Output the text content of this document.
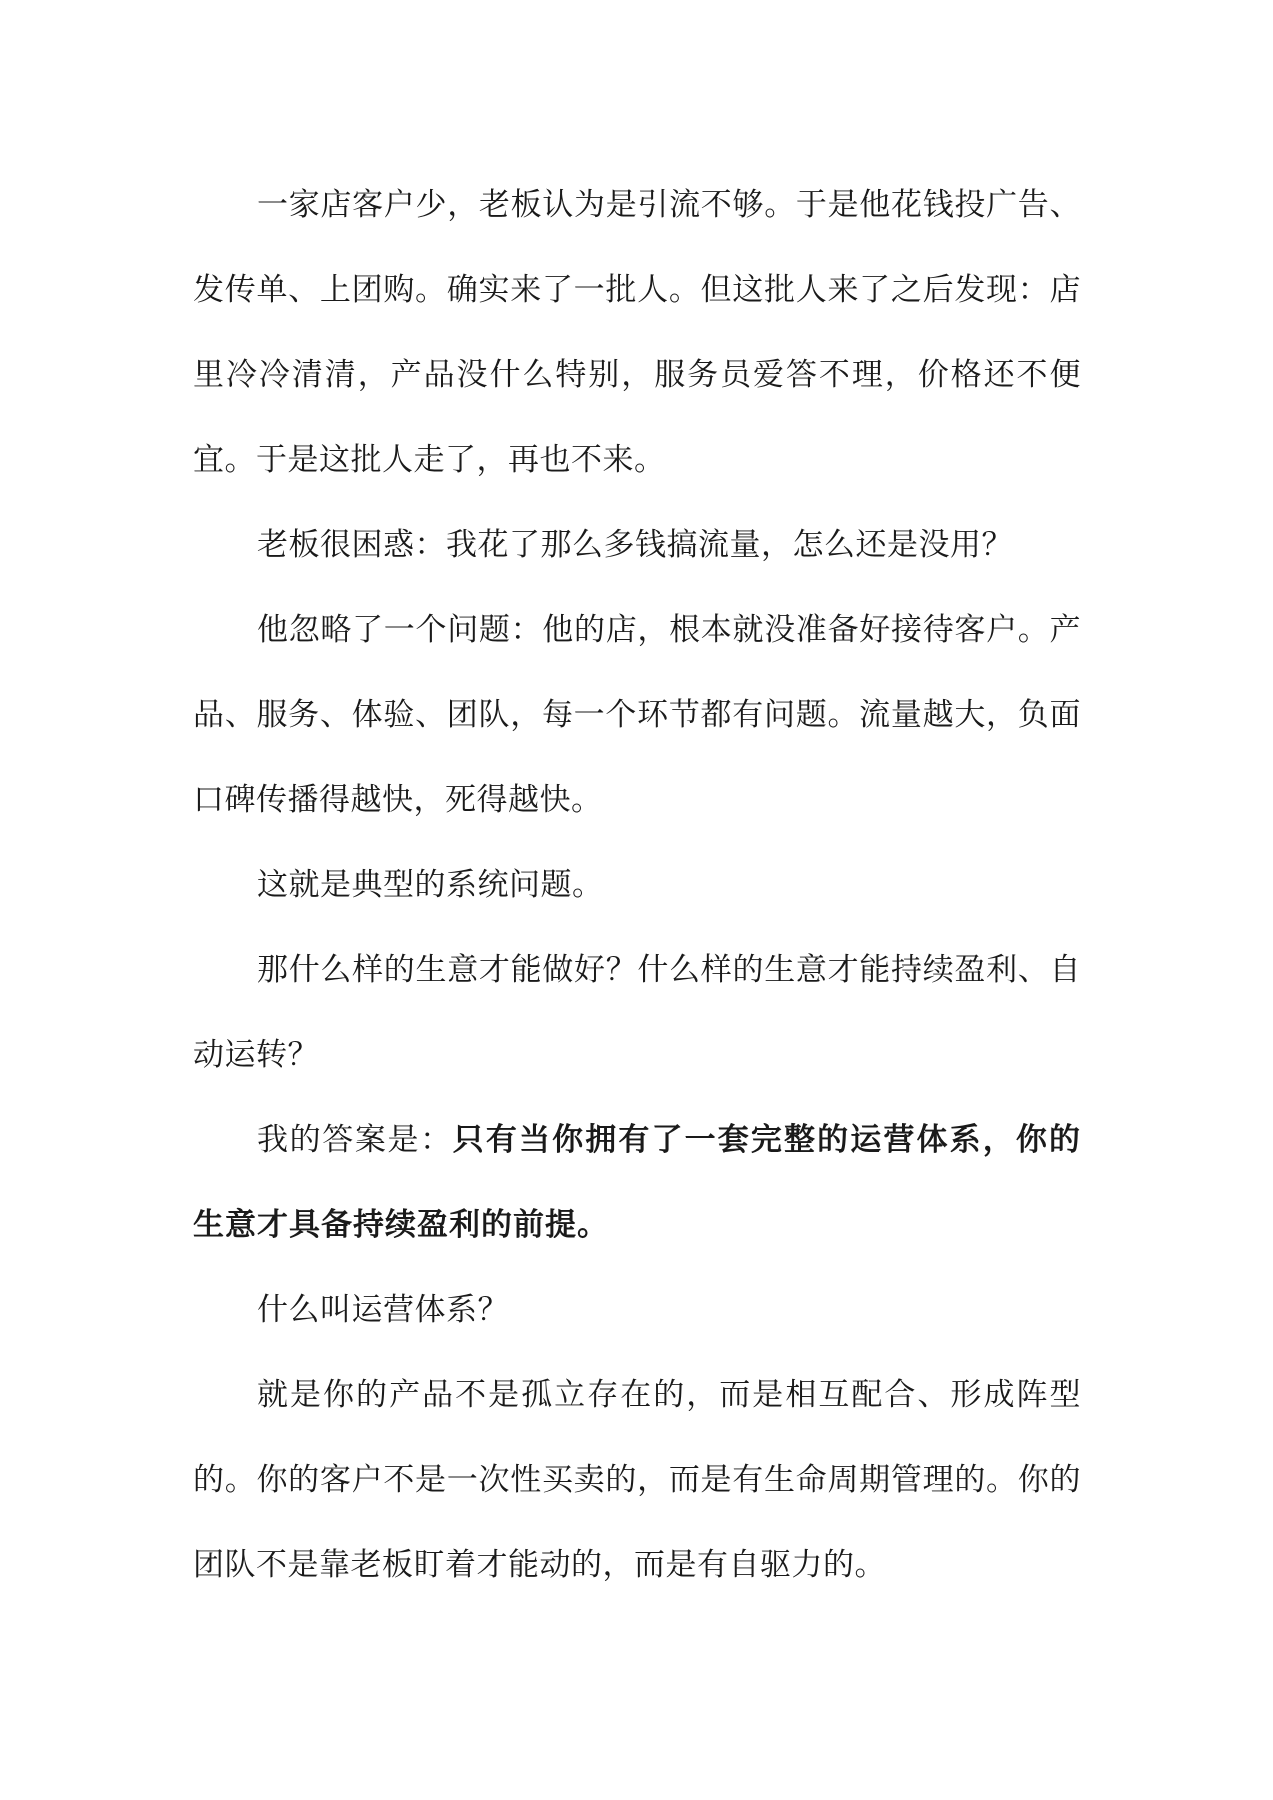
一家店客户少，老板认为是引流不够。于是他花钱投广告、发传单、上团购。确实来了一批人。但这批人来了之后发现：店里冷冷清清，产品没什么特别，服务员爱答不理，价格还不便宜。于是这批人走了，再也不来。

老板很困惑：我花了那么多钱搞流量，怎么还是没用？

他忽略了一个问题：他的店，根本就没准备好接待客户。产品、服务、体验、团队，每一个环节都有问题。流量越大，负面口碑传播得越快，死得越快。

这就是典型的系统问题。

那什么样的生意才能做好？什么样的生意才能持续盈利、自动运转？

我的答案是：只有当你拥有了一套完整的运营体系，你的生意才具备持续盈利的前提。

什么叫运营体系？

就是你的产品不是孤立存在的，而是相互配合、形成阵型的。你的客户不是一次性买卖的，而是有生命周期管理的。你的团队不是靠老板盯着才能动的，而是有自驱力的。
